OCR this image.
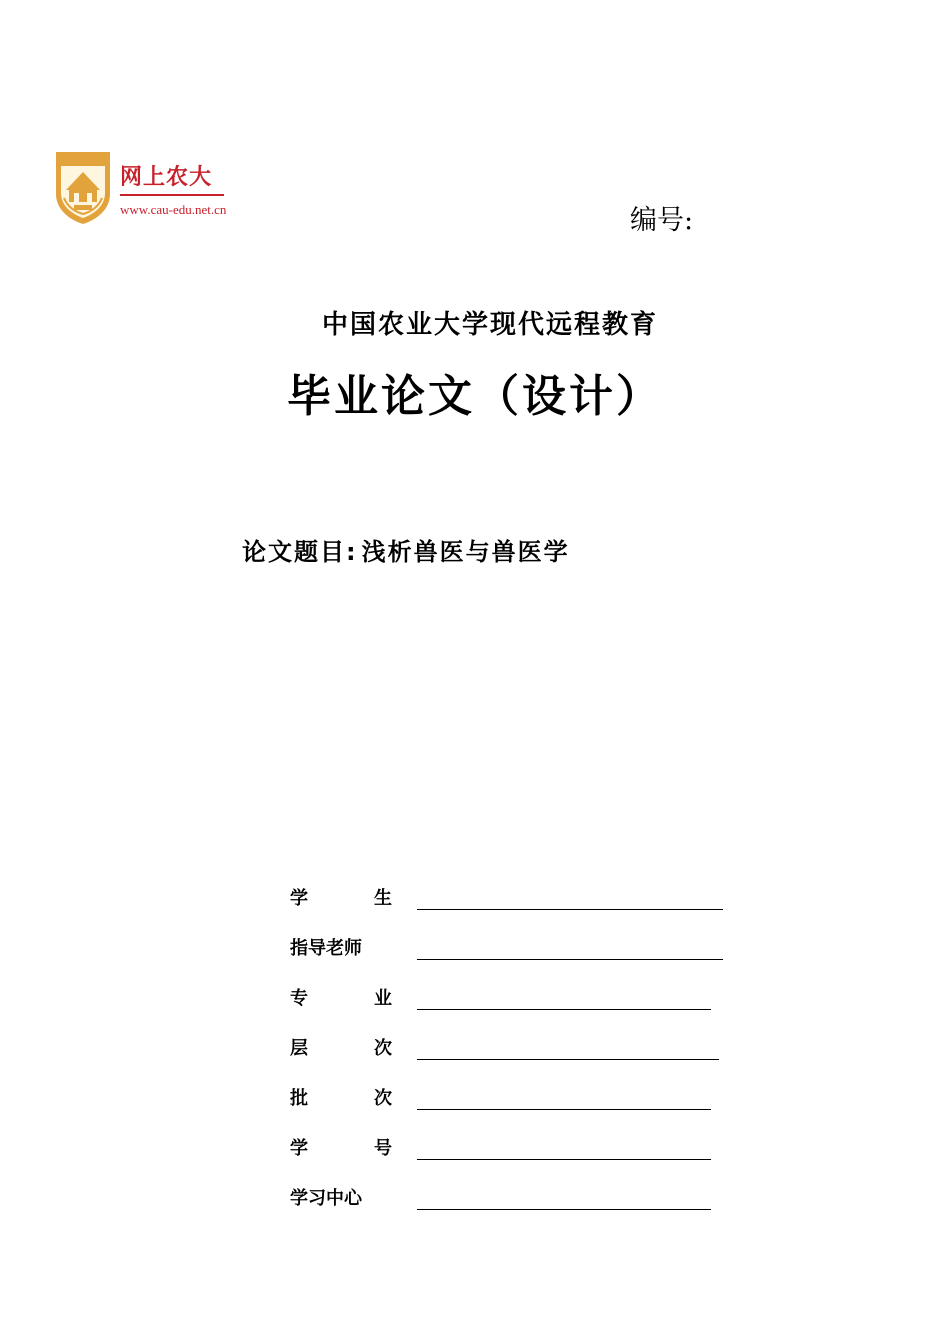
网上农大
www.cau-edu.net.cn	编号:
中国农业大学现代远程教育
毕业论文（设计）
论文题目: 浅析兽医与兽医学
学	生
指导老师
专	业
层	次
批	次
学	号
学习中心
